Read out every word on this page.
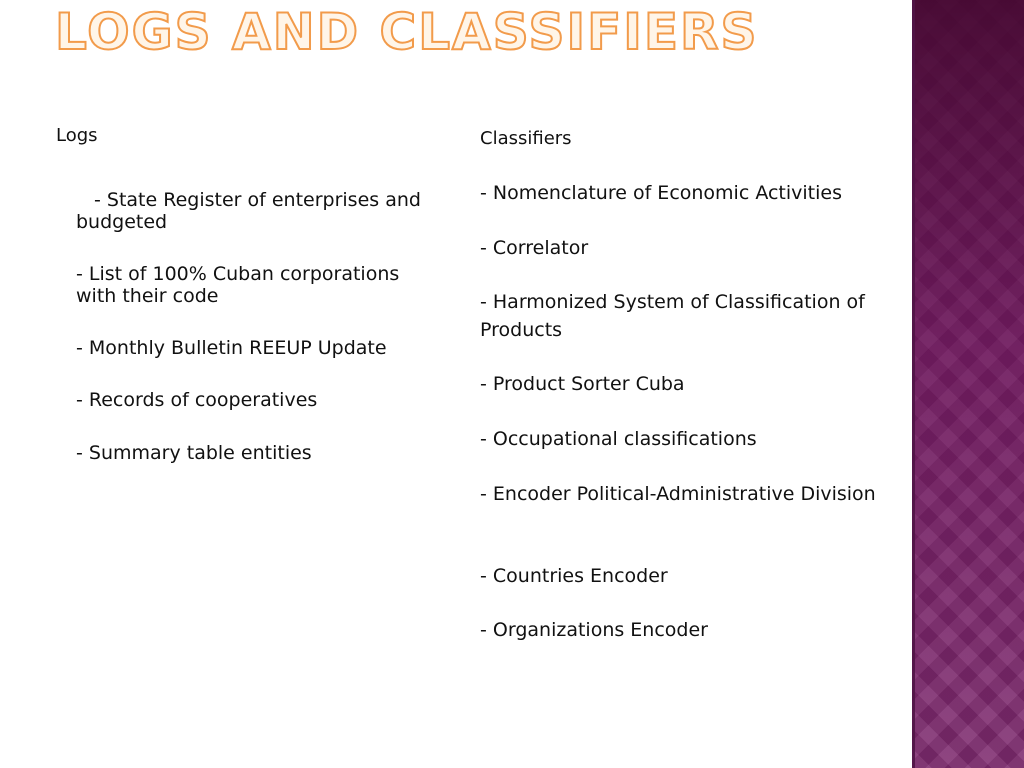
LOGS AND CLASSIFIERS
Logs
- State Register of enterprises and budgeted
- List of 100% Cuban corporations with their code
- Monthly Bulletin REEUP Update
- Records of cooperatives
- Summary table entities
Classifiers
- Nomenclature of Economic Activities
- Correlator
- Harmonized System of Classification of Products
- Product Sorter Cuba
- Occupational classifications
- Encoder Political-Administrative Division
- Countries Encoder
- Organizations Encoder
